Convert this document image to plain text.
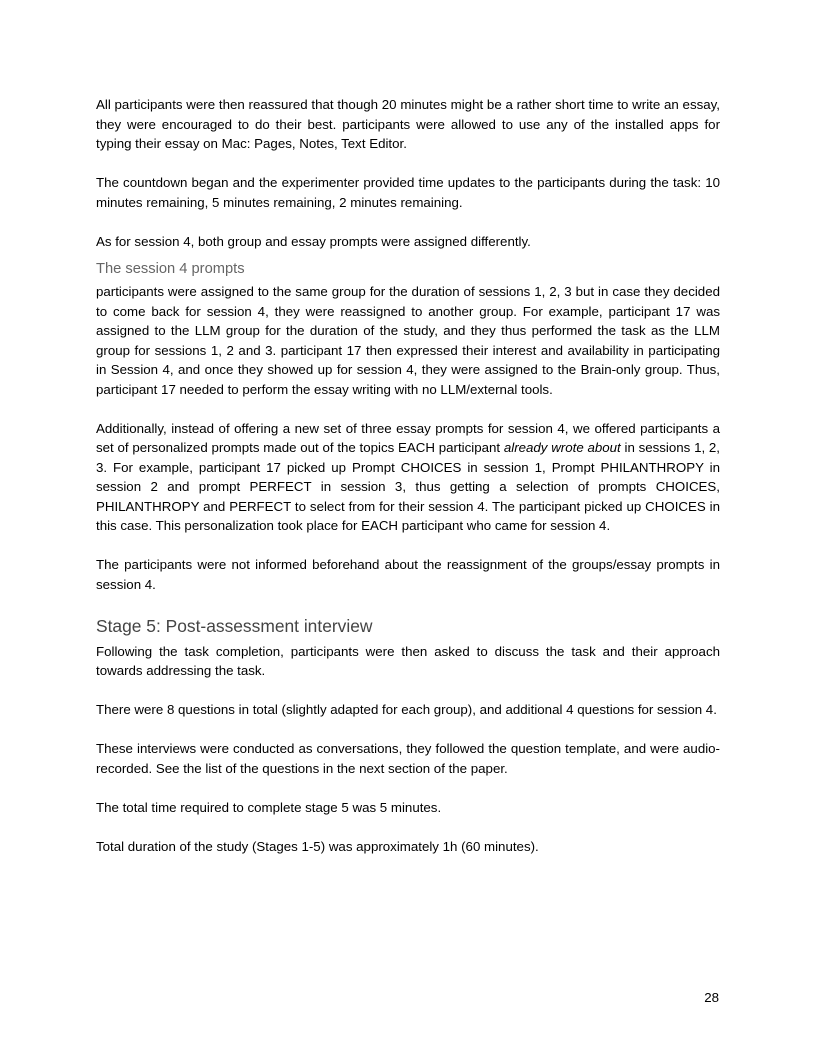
All participants were then reassured that though 20 minutes might be a rather short time to write an essay, they were encouraged to do their best. participants were allowed to use any of the installed apps for typing their essay on Mac: Pages, Notes, Text Editor.

The countdown began and the experimenter provided time updates to the participants during the task: 10 minutes remaining, 5 minutes remaining, 2 minutes remaining.

As for session 4, both group and essay prompts were assigned differently.

The session 4 prompts

participants were assigned to the same group for the duration of sessions 1, 2, 3 but in case they decided to come back for session 4, they were reassigned to another group. For example, participant 17 was assigned to the LLM group for the duration of the study, and they thus performed the task as the LLM group for sessions 1, 2 and 3. participant 17 then expressed their interest and availability in participating in Session 4, and once they showed up for session 4, they were assigned to the Brain-only group. Thus, participant 17 needed to perform the essay writing with no LLM/external tools.

Additionally, instead of offering a new set of three essay prompts for session 4, we offered participants a set of personalized prompts made out of the topics EACH participant already wrote about in sessions 1, 2, 3. For example, participant 17 picked up Prompt CHOICES in session 1, Prompt PHILANTHROPY in session 2 and prompt PERFECT in session 3, thus getting a selection of prompts CHOICES, PHILANTHROPY and PERFECT to select from for their session 4. The participant picked up CHOICES in this case. This personalization took place for EACH participant who came for session 4.

The participants were not informed beforehand about the reassignment of the groups/essay prompts in session 4.

Stage 5: Post-assessment interview

Following the task completion, participants were then asked to discuss the task and their approach towards addressing the task.

There were 8 questions in total (slightly adapted for each group), and additional 4 questions for session 4.

These interviews were conducted as conversations, they followed the question template, and were audio-recorded. See the list of the questions in the next section of the paper.

The total time required to complete stage 5 was 5 minutes.

Total duration of the study (Stages 1-5) was approximately 1h (60 minutes).

28
